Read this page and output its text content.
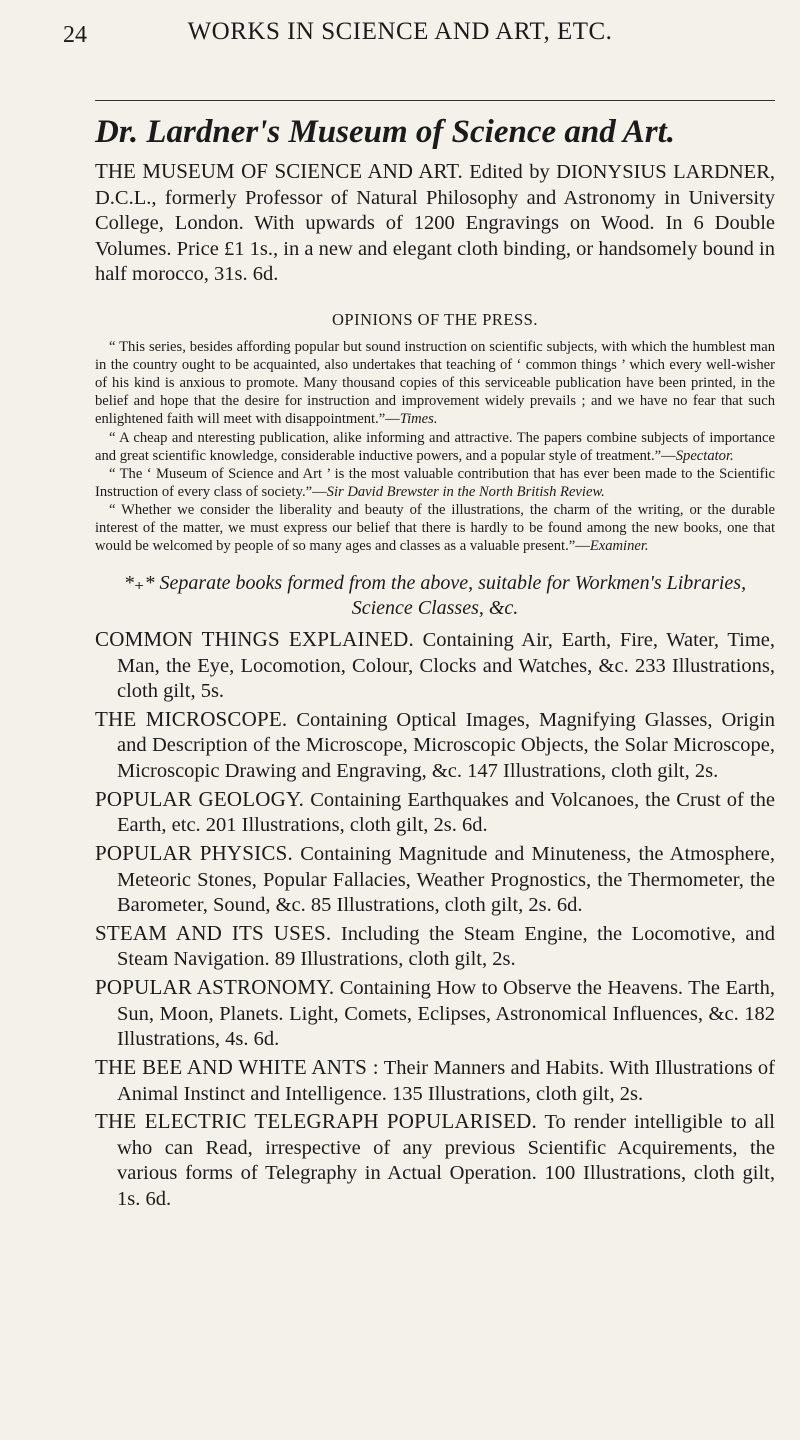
24	WORKS IN SCIENCE AND ART, ETC.
Dr. Lardner's Museum of Science and Art.

THE MUSEUM OF SCIENCE AND ART. Edited by DIONYSIUS LARDNER, D.C.L., formerly Professor of Natural Philosophy and Astronomy in University College, London. With upwards of 1200 Engravings on Wood. In 6 Double Volumes. Price £1 1s., in a new and elegant cloth binding, or handsomely bound in half morocco, 31s. 6d.

OPINIONS OF THE PRESS.

“ This series, besides affording popular but sound instruction on scientific subjects, with which the humblest man in the country ought to be acquainted, also undertakes that teaching of ‘ common things ’ which every well-wisher of his kind is anxious to promote. Many thousand copies of this serviceable publication have been printed, in the belief and hope that the desire for instruction and improvement widely prevails ; and we have no fear that such enlightened faith will meet with disappointment.”—Times.

“ A cheap and nteresting publication, alike informing and attractive. The papers combine subjects of importance and great scientific knowledge, considerable inductive powers, and a popular style of treatment.”—Spectator.

“ The ‘ Museum of Science and Art ’ is the most valuable contribution that has ever been made to the Scientific Instruction of every class of society.”—Sir David Brewster in the North British Review.

“ Whether we consider the liberality and beauty of the illustrations, the charm of the writing, or the durable interest of the matter, we must express our belief that there is hardly to be found among the new books, one that would be welcomed by people of so many ages and classes as a valuable present.”—Examiner.

*₊* Separate books formed from the above, suitable for Workmen's Libraries, Science Classes, &c.

COMMON THINGS EXPLAINED. Containing Air, Earth, Fire, Water, Time, Man, the Eye, Locomotion, Colour, Clocks and Watches, &c. 233 Illustrations, cloth gilt, 5s.

THE MICROSCOPE. Containing Optical Images, Magnifying Glasses, Origin and Description of the Microscope, Microscopic Objects, the Solar Microscope, Microscopic Drawing and Engraving, &c. 147 Illustrations, cloth gilt, 2s.

POPULAR GEOLOGY. Containing Earthquakes and Volcanoes, the Crust of the Earth, etc. 201 Illustrations, cloth gilt, 2s. 6d.

POPULAR PHYSICS. Containing Magnitude and Minuteness, the Atmosphere, Meteoric Stones, Popular Fallacies, Weather Prognostics, the Thermometer, the Barometer, Sound, &c. 85 Illustrations, cloth gilt, 2s. 6d.

STEAM AND ITS USES. Including the Steam Engine, the Locomotive, and Steam Navigation. 89 Illustrations, cloth gilt, 2s.

POPULAR ASTRONOMY. Containing How to Observe the Heavens. The Earth, Sun, Moon, Planets. Light, Comets, Eclipses, Astronomical Influences, &c. 182 Illustrations, 4s. 6d.

THE BEE AND WHITE ANTS : Their Manners and Habits. With Illustrations of Animal Instinct and Intelligence. 135 Illustrations, cloth gilt, 2s.

THE ELECTRIC TELEGRAPH POPULARISED. To render intelligible to all who can Read, irrespective of any previous Scientific Acquirements, the various forms of Telegraphy in Actual Operation. 100 Illustrations, cloth gilt, 1s. 6d.
